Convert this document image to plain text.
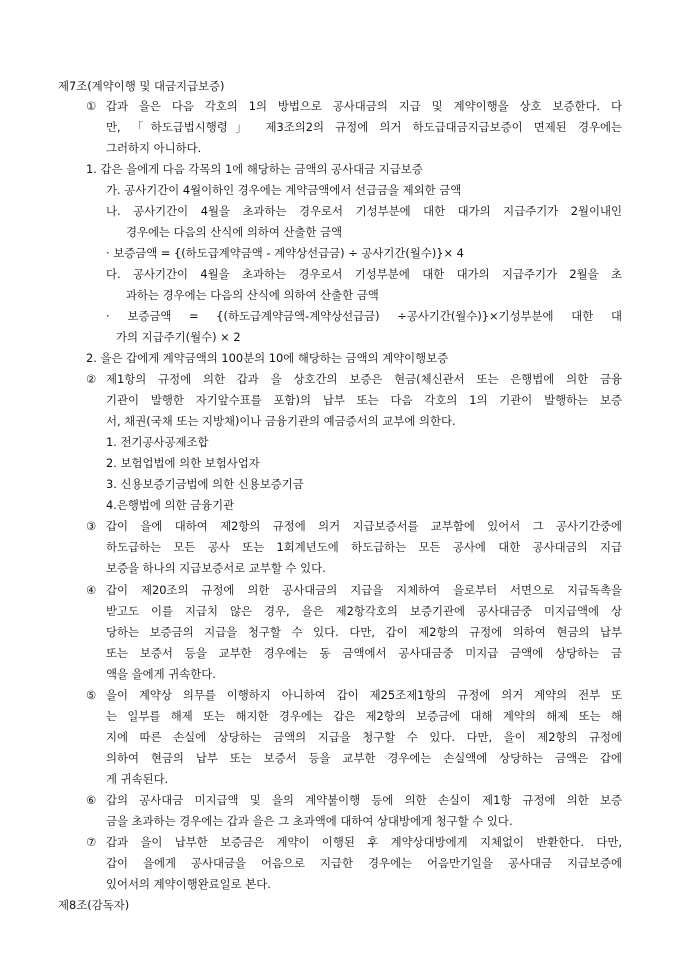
제7조(계약이행 및 대금지급보증)
① 갑과 을은 다음 각호의 1의 방법으로 공사대금의 지급 및 계약이행을 상호 보증한다. 다
만, 「하도급법시행령」 제3조의2의 규정에 의거 하도급대금지급보증이 면제된 경우에는
그러하지 아니하다.
1. 갑은 을에게 다음 각목의 1에 해당하는 금액의 공사대금 지급보증
가. 공사기간이 4월이하인 경우에는 계약금액에서 선급금을 제외한 금액
나. 공사기간이 4월을 초과하는 경우로서 기성부분에 대한 대가의 지급주기가 2월이내인
경우에는 다음의 산식에 의하여 산출한 금액
· 보증금액 = {(하도급계약금액 - 계약상선급금) ÷ 공사기간(월수)}× 4
다. 공사기간이 4월을 초과하는 경우로서 기성부분에 대한 대가의 지급주기가 2월을 초
과하는 경우에는 다음의 산식에 의하여 산출한 금액
· 보증금액 = {(하도급계약금액-계약상선급금) ÷공사기간(월수)}×기성부분에 대한 대
가의 지급주기(월수) × 2
2. 을은 갑에게 계약금액의 100분의 10에 해당하는 금액의 계약이행보증
② 제1항의 규정에 의한 갑과 을 상호간의 보증은 현금(체신관서 또는 은행법에 의한 금융
기관이 발행한 자기앞수표를 포함)의 납부 또는 다음 각호의 1의 기관이 발행하는 보증
서, 채권(국채 또는 지방채)이나 금융기관의 예금증서의 교부에 의한다.
1. 전기공사공제조합
2. 보험업법에 의한 보험사업자
3. 신용보증기금법에 의한 신용보증기금
4.은행법에 의한 금융기관
③ 갑이 을에 대하여 제2항의 규정에 의거 지급보증서를 교부함에 있어서 그 공사기간중에
하도급하는 모든 공사 또는 1회계년도에 하도급하는 모든 공사에 대한 공사대금의 지급
보증을 하나의 지급보증서로 교부할 수 있다.
④ 갑이 제20조의 규정에 의한 공사대금의 지급을 지체하여 을로부터 서면으로 지급독촉을
받고도 이를 지급치 않은 경우, 을은 제2항각호의 보증기관에 공사대금중 미지급액에 상
당하는 보증금의 지급을 청구할 수 있다. 다만, 갑이 제2항의 규정에 의하여 현금의 납부
또는 보증서 등을 교부한 경우에는 동 금액에서 공사대금중 미지급 금액에 상당하는 금
액을 을에게 귀속한다.
⑤ 을이 계약상 의무를 이행하지 아니하여 갑이 제25조제1항의 규정에 의거 계약의 전부 또
는 일부를 해제 또는 해지한 경우에는 갑은 제2항의 보증금에 대해 계약의 해제 또는 해
지에 따른 손실에 상당하는 금액의 지급을 청구할 수 있다. 다만, 을이 제2항의 규정에
의하여 현금의 납부 또는 보증서 등을 교부한 경우에는 손실액에 상당하는 금액은 갑에
게 귀속된다.
⑥ 갑의 공사대금 미지급액 및 을의 계약불이행 등에 의한 손실이 제1항 규정에 의한 보증
금을 초과하는 경우에는 갑과 을은 그 초과액에 대하여 상대방에게 청구할 수 있다.
⑦ 갑과 을이 납부한 보증금은 계약이 이행된 후 계약상대방에게 지체없이 반환한다. 다만,
갑이 을에게 공사대금을 어음으로 지급한 경우에는 어음만기일을 공사대금 지급보증에
있어서의 계약이행완료일로 본다.
제8조(감독자)
